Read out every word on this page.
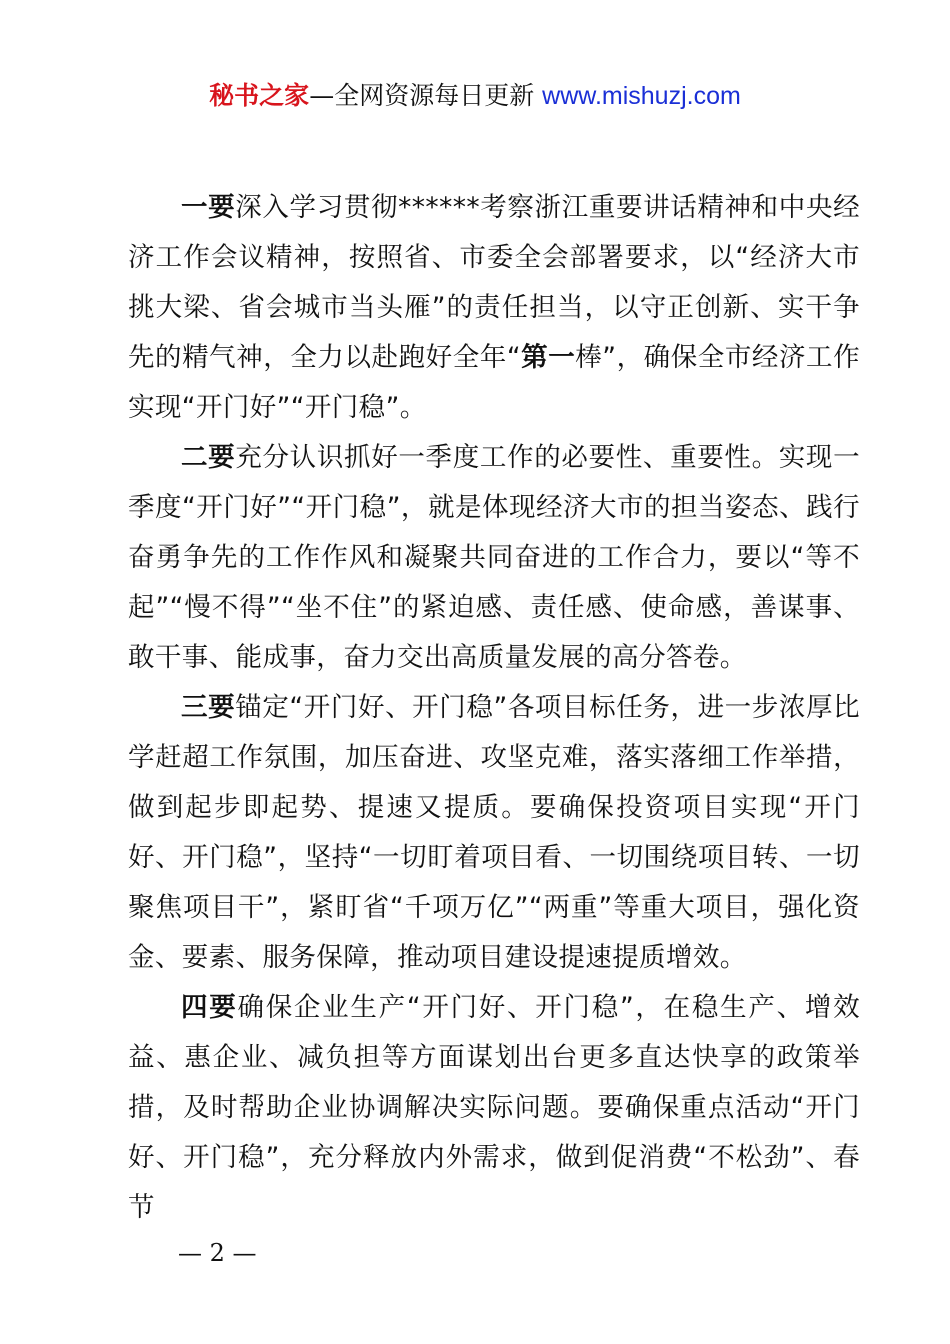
秘书之家—全网资源每日更新 www.mishuzj.com

一要深入学习贯彻******考察浙江重要讲话精神和中央经济工作会议精神，按照省、市委全会部署要求，以“经济大市挑大梁、省会城市当头雁”的责任担当，以守正创新、实干争先的精气神，全力以赴跑好全年“第一棒”，确保全市经济工作实现“开门好”“开门稳”。

二要充分认识抓好一季度工作的必要性、重要性。实现一季度“开门好”“开门稳”，就是体现经济大市的担当姿态、践行奋勇争先的工作作风和凝聚共同奋进的工作合力，要以“等不起”“慢不得”“坐不住”的紧迫感、责任感、使命感，善谋事、敢干事、能成事，奋力交出高质量发展的高分答卷。

三要锚定“开门好、开门稳”各项目标任务，进一步浓厚比学赶超工作氛围，加压奋进、攻坚克难，落实落细工作举措，做到起步即起势、提速又提质。要确保投资项目实现“开门好、开门稳”，坚持“一切盯着项目看、一切围绕项目转、一切聚焦项目干”，紧盯省“千项万亿”“两重”等重大项目，强化资金、要素、服务保障，推动项目建设提速提质增效。

四要确保企业生产“开门好、开门稳”，在稳生产、增效益、惠企业、减负担等方面谋划出台更多直达快享的政策举措，及时帮助企业协调解决实际问题。要确保重点活动“开门好、开门稳”，充分释放内外需求，做到促消费“不松劲”、春节

— 2 —
